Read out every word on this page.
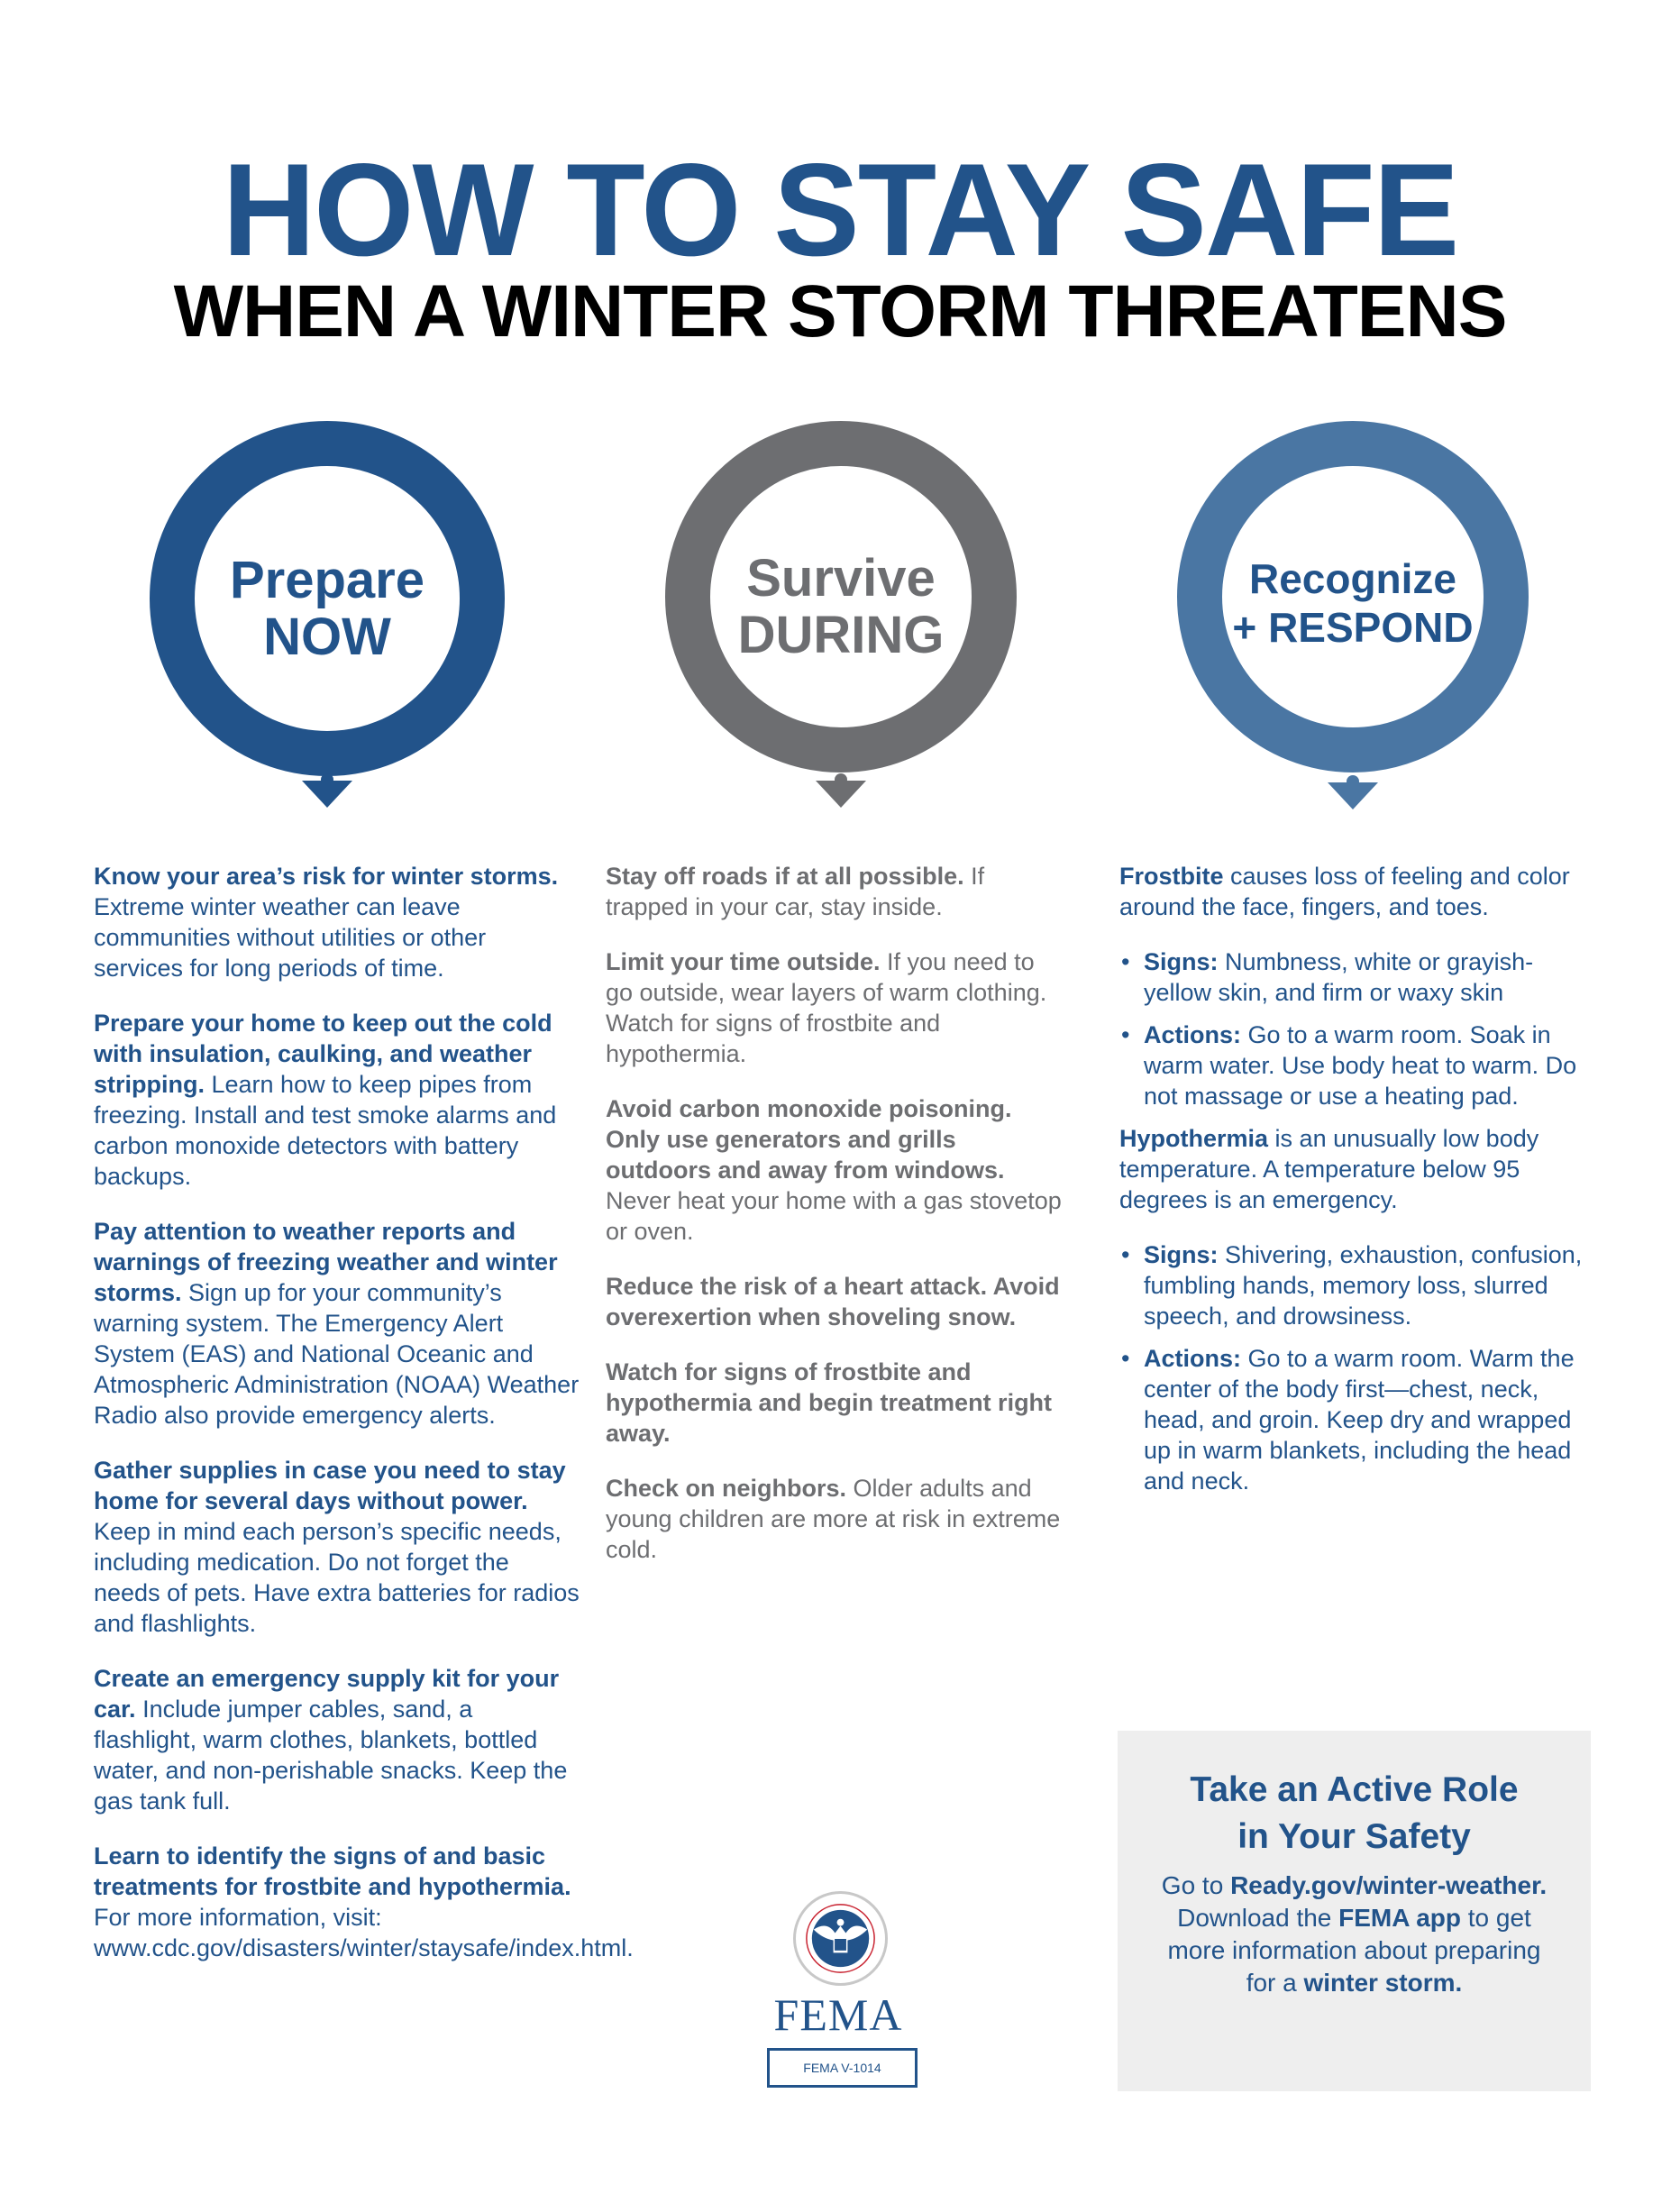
HOW TO STAY SAFE
WHEN A WINTER STORM THREATENS
Prepare
NOW
Survive
DURING
Recognize
+ RESPOND

Know your area’s risk for winter storms. Extreme winter weather can leave communities without utilities or other services for long periods of time.

Prepare your home to keep out the cold with insulation, caulking, and weather stripping. Learn how to keep pipes from freezing. Install and test smoke alarms and carbon monoxide detectors with battery backups.

Pay attention to weather reports and warnings of freezing weather and winter storms. Sign up for your community’s warning system. The Emergency Alert System (EAS) and National Oceanic and Atmospheric Administration (NOAA) Weather Radio also provide emergency alerts.

Gather supplies in case you need to stay home for several days without power. Keep in mind each person’s specific needs, including medication. Do not forget the needs of pets. Have extra batteries for radios and flashlights.

Create an emergency supply kit for your car. Include jumper cables, sand, a flashlight, warm clothes, blankets, bottled water, and non-perishable snacks. Keep the gas tank full.

Learn to identify the signs of and basic treatments for frostbite and hypothermia. For more information, visit: www.cdc.gov/disasters/winter/staysafe/index.html.

Stay off roads if at all possible. If trapped in your car, stay inside.

Limit your time outside. If you need to go outside, wear layers of warm clothing. Watch for signs of frostbite and hypothermia.

Avoid carbon monoxide poisoning. Only use generators and grills outdoors and away from windows. Never heat your home with a gas stovetop or oven.

Reduce the risk of a heart attack. Avoid overexertion when shoveling snow.

Watch for signs of frostbite and hypothermia and begin treatment right away.

Check on neighbors. Older adults and young children are more at risk in extreme cold.

Frostbite causes loss of feeling and color around the face, fingers, and toes.

• Signs: Numbness, white or grayish-yellow skin, and firm or waxy skin
• Actions: Go to a warm room. Soak in warm water. Use body heat to warm. Do not massage or use a heating pad.

Hypothermia is an unusually low body temperature. A temperature below 95 degrees is an emergency.

• Signs: Shivering, exhaustion, confusion, fumbling hands, memory loss, slurred speech, and drowsiness.
• Actions: Go to a warm room. Warm the center of the body first—chest, neck, head, and groin. Keep dry and wrapped up in warm blankets, including the head and neck.
Take an Active Role
in Your Safety

Go to Ready.gov/winter-weather. Download the FEMA app to get more information about preparing for a winter storm.

FEMA
FEMA V-1014
